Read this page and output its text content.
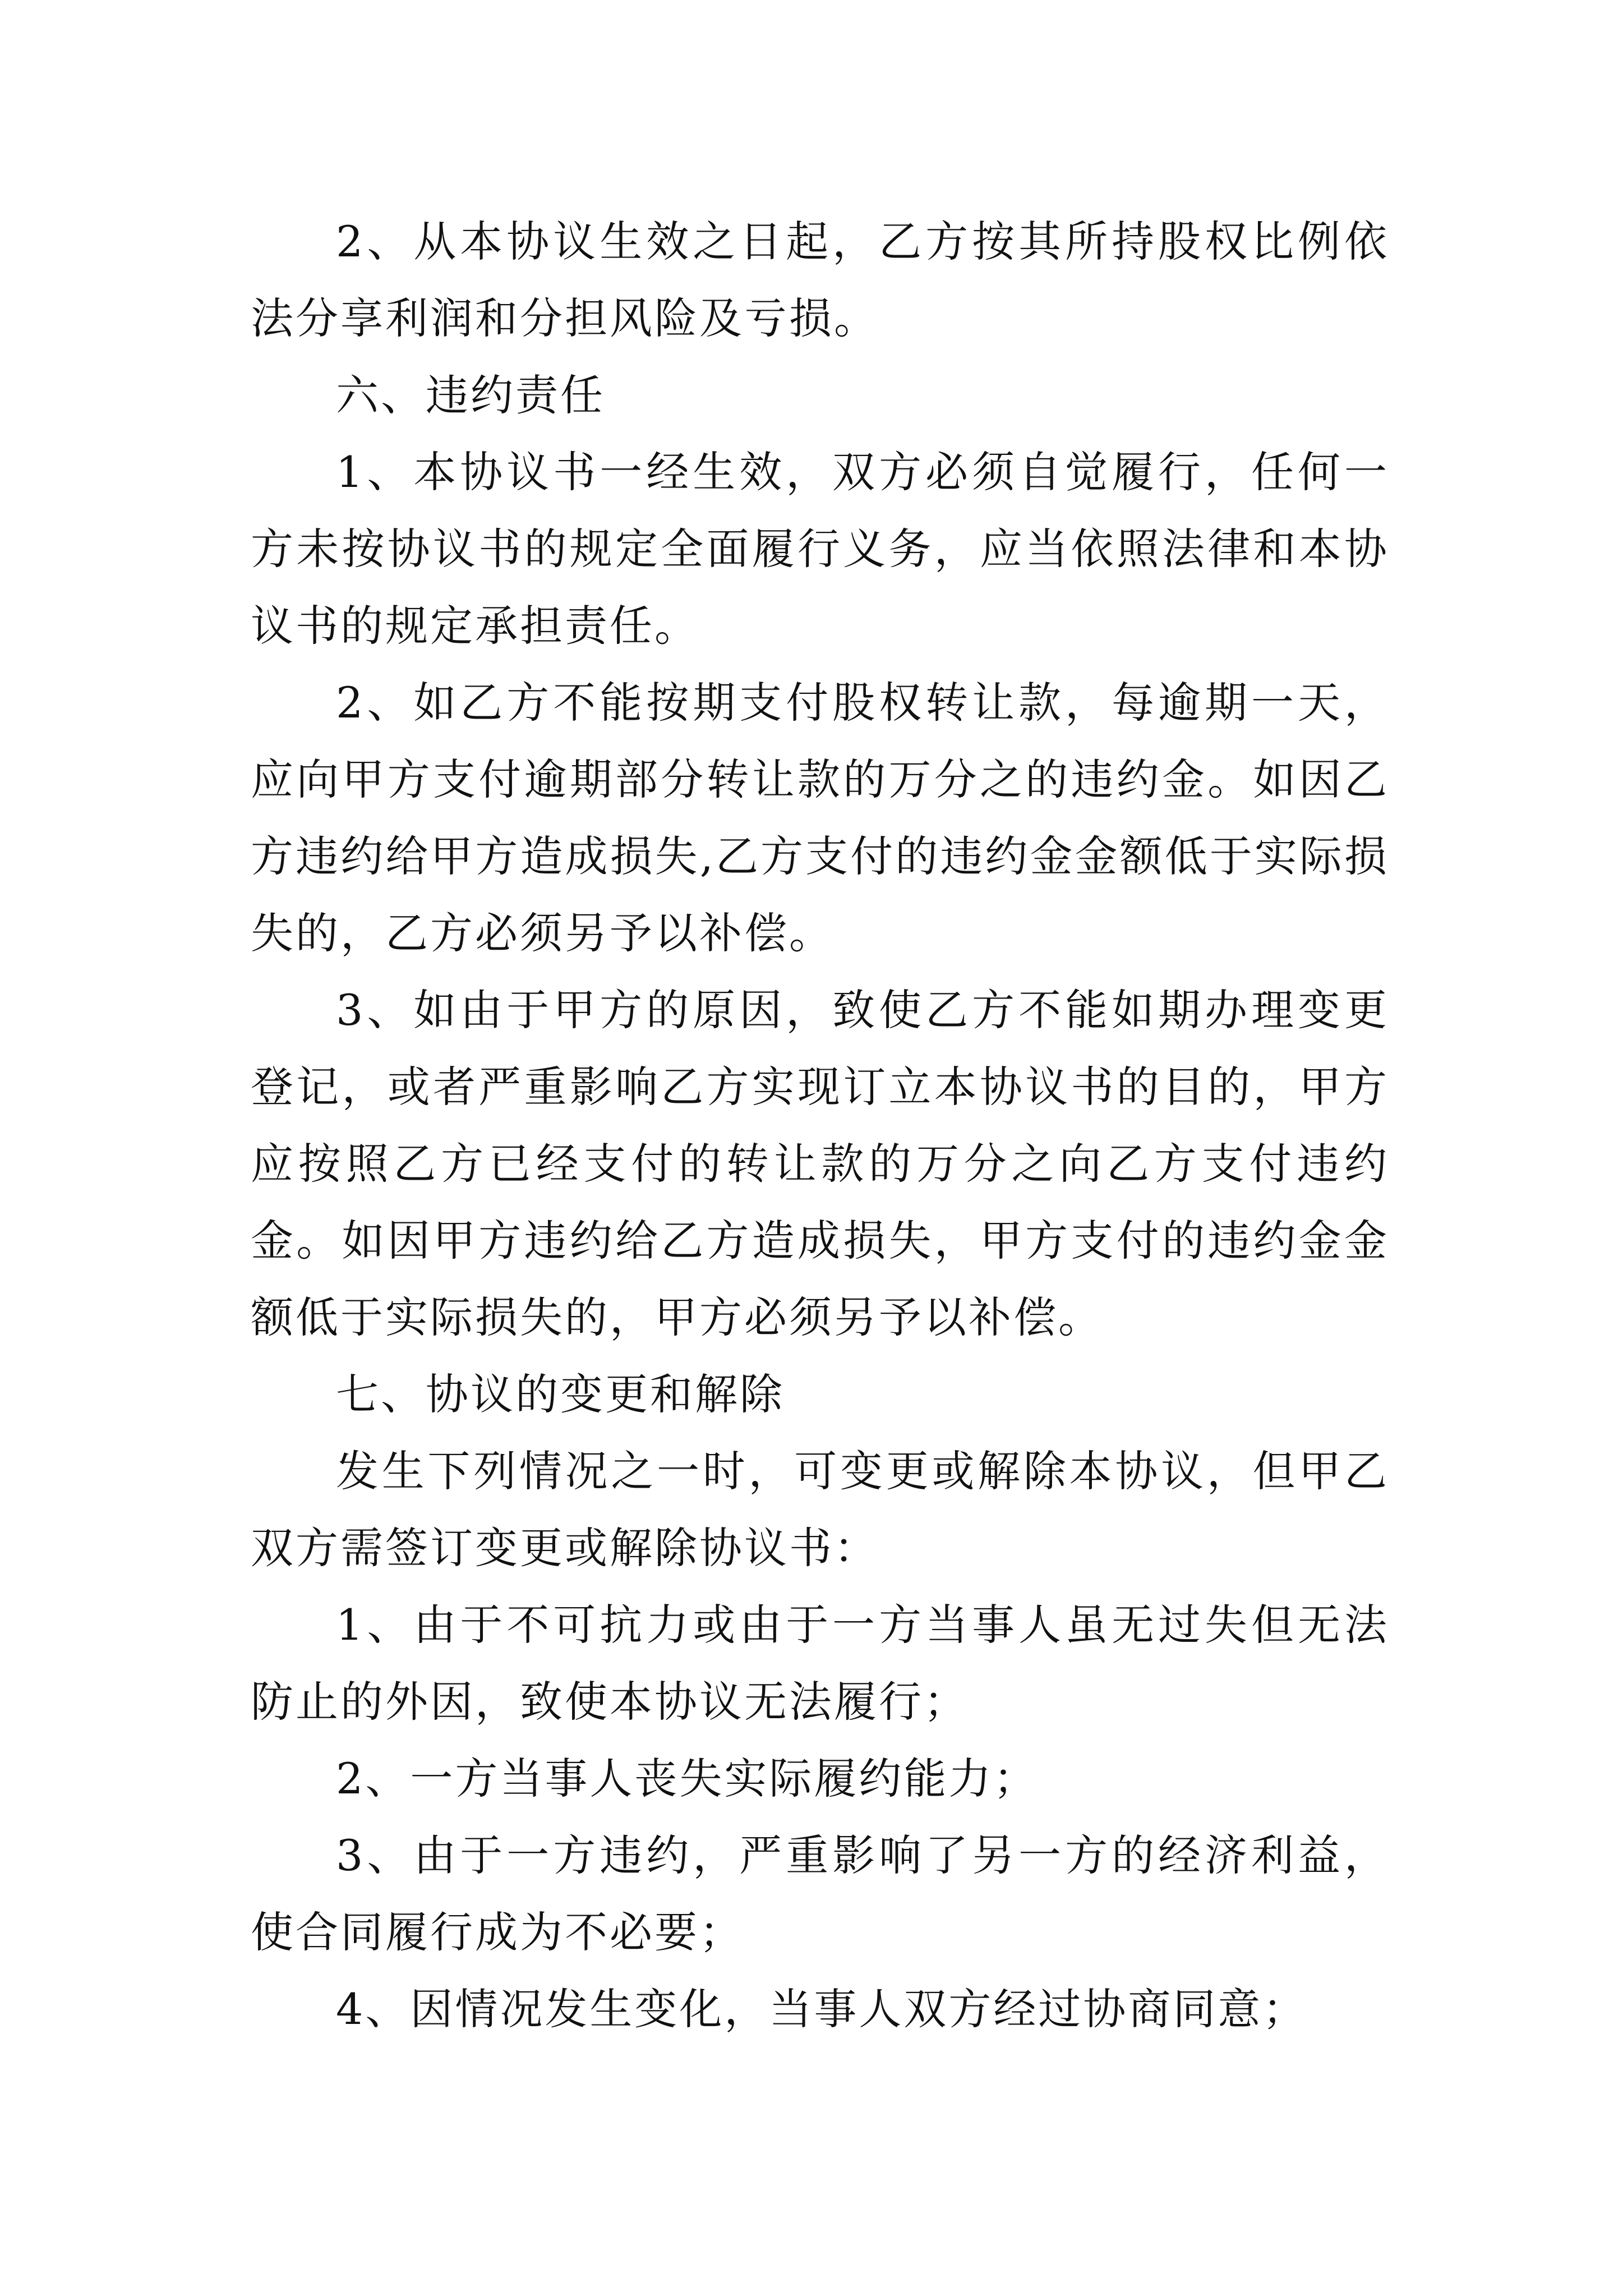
2、从本协议生效之日起，乙方按其所持股权比例依法分享利润和分担风险及亏损。

六、违约责任

1、本协议书一经生效，双方必须自觉履行，任何一方未按协议书的规定全面履行义务，应当依照法律和本协议书的规定承担责任。

2、如乙方不能按期支付股权转让款，每逾期一天，应向甲方支付逾期部分转让款的万分之的违约金。如因乙方违约给甲方造成损失,乙方支付的违约金金额低于实际损失的，乙方必须另予以补偿。

3、如由于甲方的原因，致使乙方不能如期办理变更登记，或者严重影响乙方实现订立本协议书的目的，甲方应按照乙方已经支付的转让款的万分之向乙方支付违约金。如因甲方违约给乙方造成损失，甲方支付的违约金金额低于实际损失的，甲方必须另予以补偿。

七、协议的变更和解除

发生下列情况之一时，可变更或解除本协议，但甲乙双方需签订变更或解除协议书：

1、由于不可抗力或由于一方当事人虽无过失但无法防止的外因，致使本协议无法履行；

2、一方当事人丧失实际履约能力；

3、由于一方违约，严重影响了另一方的经济利益，使合同履行成为不必要；

4、因情况发生变化，当事人双方经过协商同意；
